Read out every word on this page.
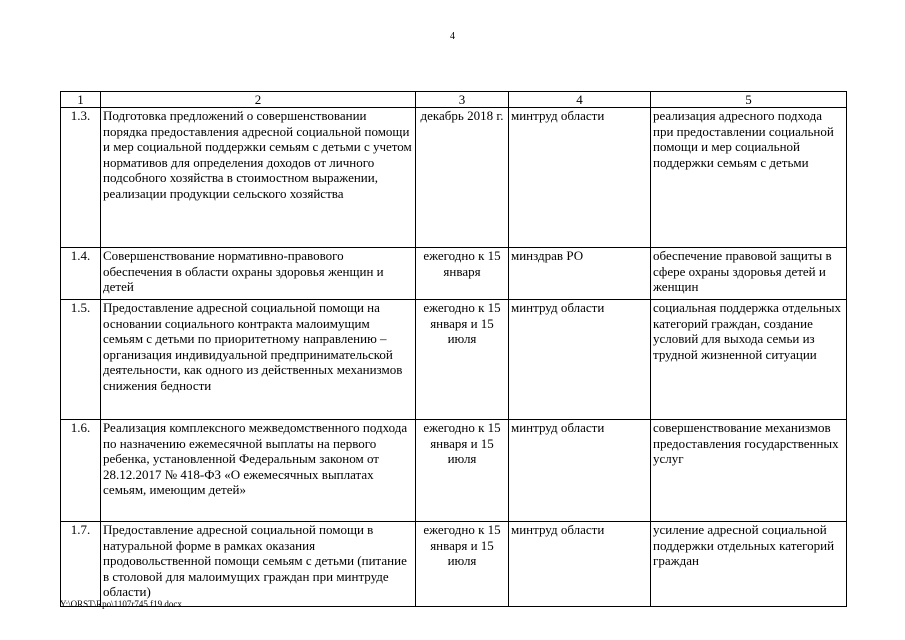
4
1	2	3	4	5
1.3.	Подготовка предложений о совершенствовании порядка предоставления адресной социальной помощи и мер социальной поддержки семьям с детьми с учетом нормативов для определения доходов от личного подсобного хозяйства в стоимостном выражении, реализации продукции сельского хозяйства	декабрь 2018 г.	минтруд области	реализация адресного подхода при предоставлении социальной помощи и мер социальной поддержки семьям с детьми
1.4.	Совершенствование нормативно-правового обеспечения в области охраны здоровья женщин и детей	ежегодно к 15 января	минздрав РО	обеспечение правовой защиты в сфере охраны здоровья детей и женщин
1.5.	Предоставление адресной социальной помощи на основании социального контракта малоимущим семьям с детьми по приоритетному направлению – организация индивидуальной предпринимательской деятельности, как одного из действенных механизмов снижения бедности	ежегодно к 15 января и 15 июля	минтруд области	социальная поддержка отдельных категорий граждан, создание условий для выхода семьи из трудной жизненной ситуации
1.6.	Реализация комплексного межведомственного подхода по назначению ежемесячной выплаты на первого ребенка, установленной Федеральным законом от 28.12.2017 № 418-ФЗ «О ежемесячных выплатах семьям, имеющим детей»	ежегодно к 15 января и 15 июля	минтруд области	совершенствование механизмов предоставления государственных услуг
1.7.	Предоставление адресной социальной помощи в натуральной форме в рамках оказания продовольственной помощи семьям с детьми (питание в столовой для малоимущих граждан при минтруде области)	ежегодно к 15 января и 15 июля	минтруд области	усиление адресной социальной поддержки отдельных категорий граждан
Y:\ORST\Rpo\1107r745.f19.docx
